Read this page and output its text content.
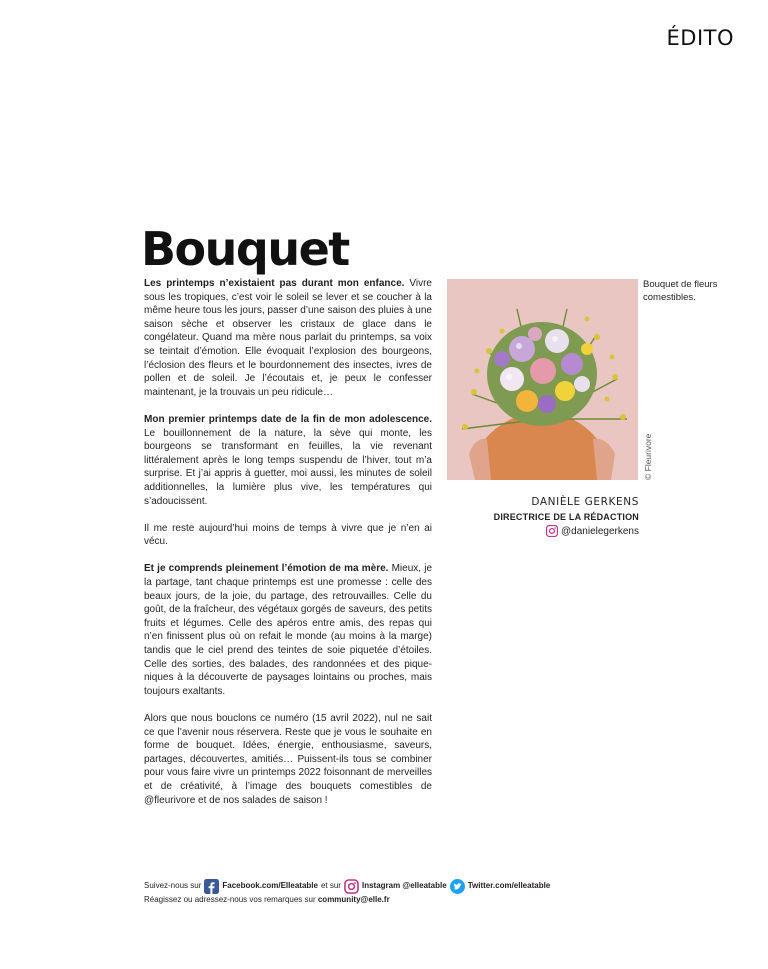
ÉDITO
Bouquet

Les printemps n’existaient pas durant mon enfance. Vivre sous les tropiques, c’est voir le soleil se lever et se coucher à la même heure tous les jours, passer d’une saison des pluies à une saison sèche et observer les cristaux de glace dans le congélateur. Quand ma mère nous parlait du printemps, sa voix se teintait d’émotion. Elle évoquait l’explosion des bourgeons, l’éclosion des fleurs et le bourdonnement des insectes, ivres de pollen et de soleil. Je l’écoutais et, je peux le confesser maintenant, je la trouvais un peu ridicule…

Mon premier printemps date de la fin de mon adolescence. Le bouillonnement de la nature, la sève qui monte, les bourgeons se transformant en feuilles, la vie revenant littéralement après le long temps suspendu de l’hiver, tout m’a surprise. Et j’ai appris à guetter, moi aussi, les minutes de soleil additionnelles, la lumière plus vive, les températures qui s’adoucissent.

Il me reste aujourd’hui moins de temps à vivre que je n’en ai vécu.

Et je comprends pleinement l’émotion de ma mère. Mieux, je la partage, tant chaque printemps est une promesse : celle des beaux jours, de la joie, du partage, des retrouvailles. Celle du goût, de la fraîcheur, des végétaux gorgés de saveurs, des petits fruits et légumes. Celle des apéros entre amis, des repas qui n’en finissent plus où on refait le monde (au moins à la marge) tandis que le ciel prend des teintes de soie piquetée d’étoiles. Celle des sorties, des balades, des randonnées et des pique-niques à la découverte de paysages lointains ou proches, mais toujours exaltants.

Alors que nous bouclons ce numéro (15 avril 2022), nul ne sait ce que l’avenir nous réservera. Reste que je vous le souhaite en forme de bouquet. Idées, énergie, enthousiasme, saveurs, partages, découvertes, amitiés… Puissent-ils tous se combiner pour vous faire vivre un printemps 2022 foisonnant de merveilles et de créativité, à l’image des bouquets comestibles de @fleurivore et de nos salades de saison !

© Fleurivore
Bouquet de fleurs comestibles.
DANIÈLE GERKENS
DIRECTRICE DE LA RÉDACTION
@danielegerkens
Suivez-nous sur	Facebook.com/Elleatable et sur	Instagram @elleatable	Twitter.com/elleatable
Réagissez ou adressez-nous vos remarques sur community@elle.fr
